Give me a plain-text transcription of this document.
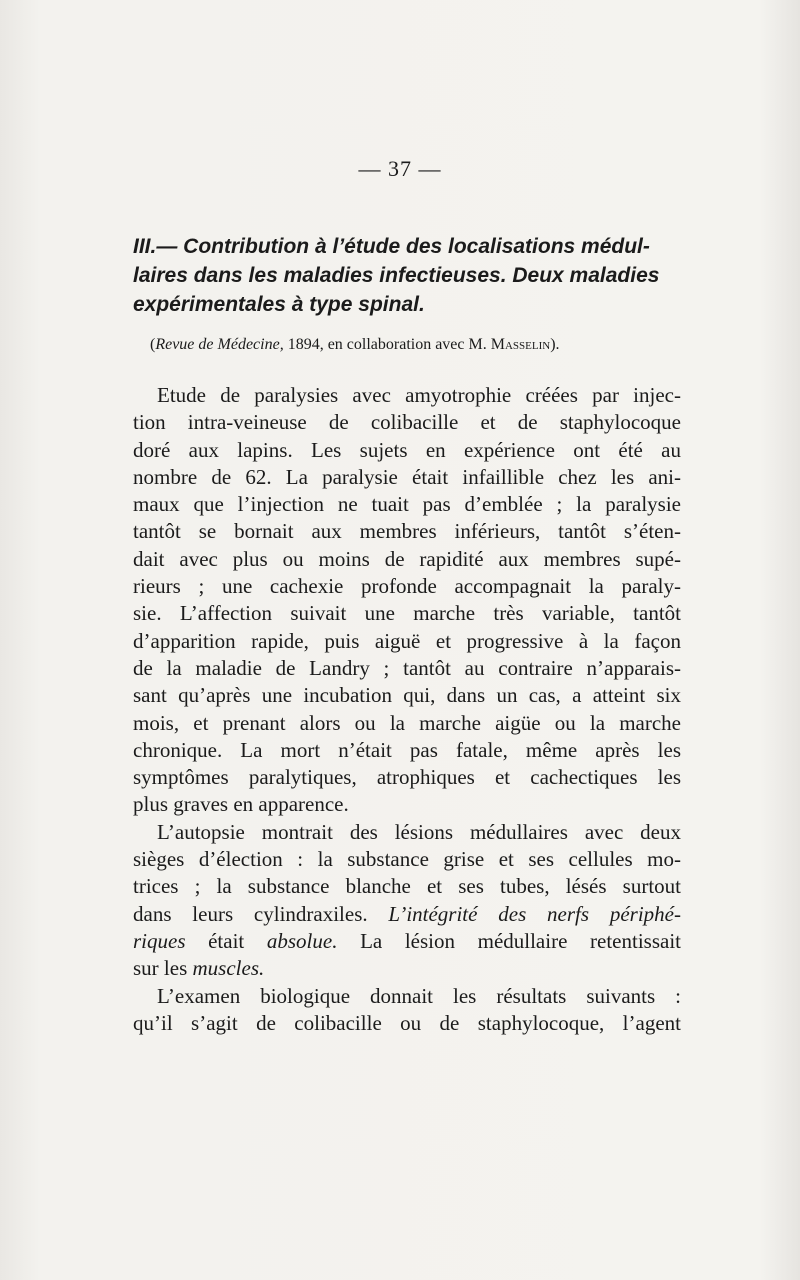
— 37 —
III.— Contribution à l’étude des localisations médul-
laires dans les maladies infectieuses. Deux maladies
expérimentales à type spinal.
(Revue de Médecine, 1894, en collaboration avec M. Masselin).
Etude de paralysies avec amyotrophie créées par injec-
tion intra-veineuse de colibacille et de staphylocoque
doré aux lapins. Les sujets en expérience ont été au
nombre de 62. La paralysie était infaillible chez les ani-
maux que l’injection ne tuait pas d’emblée ; la paralysie
tantôt se bornait aux membres inférieurs, tantôt s’éten-
dait avec plus ou moins de rapidité aux membres supé-
rieurs ; une cachexie profonde accompagnait la paraly-
sie. L’affection suivait une marche très variable, tantôt
d’apparition rapide, puis aiguë et progressive à la façon
de la maladie de Landry ; tantôt au contraire n’apparais-
sant qu’après une incubation qui, dans un cas, a atteint six
mois, et prenant alors ou la marche aigüe ou la marche
chronique. La mort n’était pas fatale, même après les
symptômes paralytiques, atrophiques et cachectiques les
plus graves en apparence.
L’autopsie montrait des lésions médullaires avec deux
sièges d’élection : la substance grise et ses cellules mo-
trices ; la substance blanche et ses tubes, lésés surtout
dans leurs cylindraxiles. L’intégrité des nerfs périphé-
riques était absolue. La lésion médullaire retentissait
sur les muscles.
L’examen biologique donnait les résultats suivants :
qu’il s’agit de colibacille ou de staphylocoque, l’agent
